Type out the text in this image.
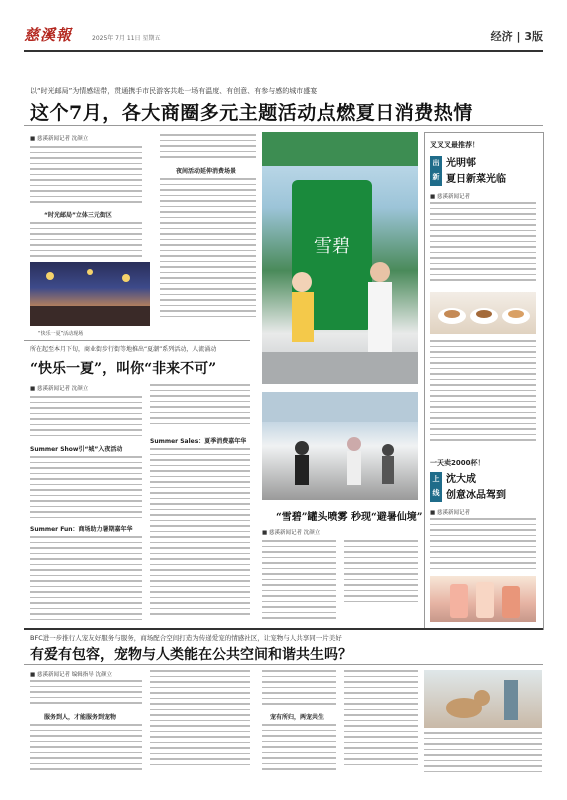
慈溪報	2025年 7月 11日 星期五	经济 | 3版
以“时光邮局”为情感纽带，贯通携手市民游客共赴一场有温度、有创意、有参与感的城市盛宴
这个7月，各大商圈多元主题活动点燃夏日消费热情
■ 慈溪新闻记者 沈颜立
“时光邮局”立体三元街区
“快乐一夏”活动现场
夜间活动延伸消费场景
雪碧
所在起至本月下旬，商业街步行街等地推出“夏潮”系列活动，人流涌动
“快乐一夏”，叫你“非来不可”
■ 慈溪新闻记者 沈颜立
Summer Show引“城”入夜活动
Summer Fun：商场助力暑期嘉年华
Summer Sales：夏季消费嘉年华
“雪碧”罐头喷雾 秒现“避暑仙境”
■ 慈溪新闻记者 沈颜立
叉叉叉最推荐！
出新
光明邨
夏日新菜光临
■ 慈溪新闻记者
一天卖2000杯！
上线
沈大成
创意冰品驾到
■ 慈溪新闻记者
BFC进一步推行人宠友好服务与服务，商场配合空间打造为传递爱宠的情感社区，让宠物与人共享同一片美好
有爱有包容，宠物与人类能在公共空间和谐共生吗？
■ 慈溪新闻记者 编辑指导 沈颜立
服务到人，才能服务到宠物	宠有所归，两宠共生
